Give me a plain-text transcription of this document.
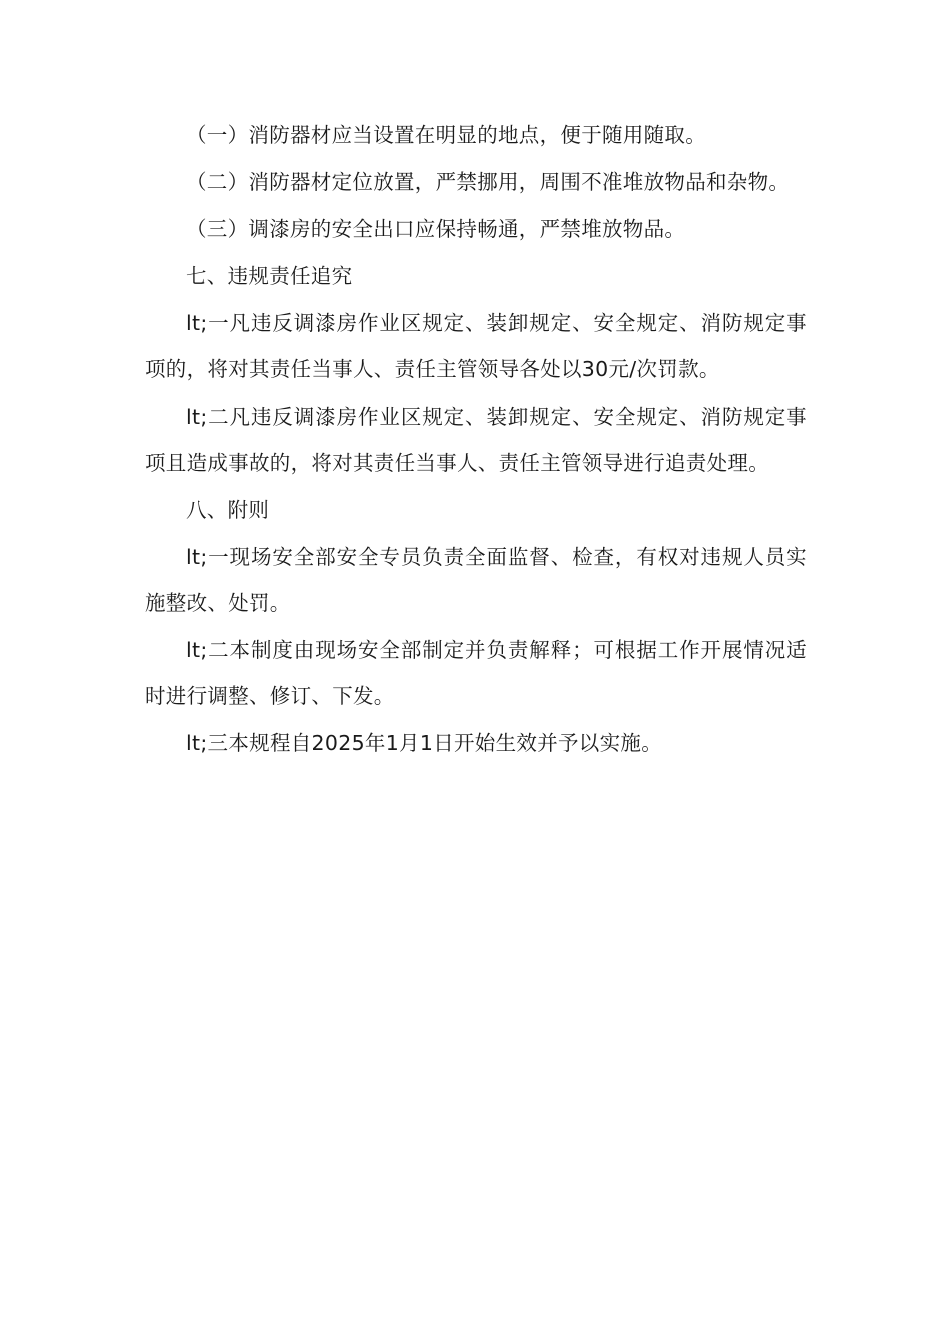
（一）消防器材应当设置在明显的地点，便于随用随取。

（二）消防器材定位放置，严禁挪用，周围不准堆放物品和杂物。

（三）调漆房的安全出口应保持畅通，严禁堆放物品。

七、违规责任追究

lt;一凡违反调漆房作业区规定、装卸规定、安全规定、消防规定事项的，将对其责任当事人、责任主管领导各处以30元/次罚款。

lt;二凡违反调漆房作业区规定、装卸规定、安全规定、消防规定事项且造成事故的，将对其责任当事人、责任主管领导进行追责处理。

八、附则

lt;一现场安全部安全专员负责全面监督、检查，有权对违规人员实施整改、处罚。

lt;二本制度由现场安全部制定并负责解释；可根据工作开展情况适时进行调整、修订、下发。

lt;三本规程自2025年1月1日开始生效并予以实施。
